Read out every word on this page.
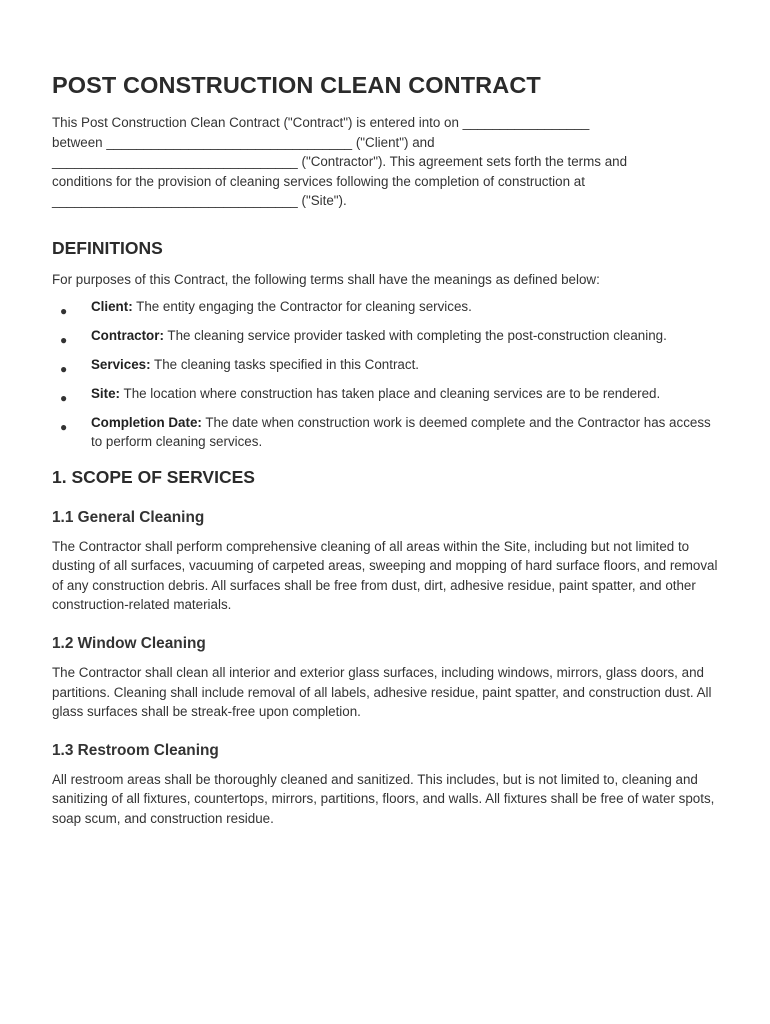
POST CONSTRUCTION CLEAN CONTRACT

This Post Construction Clean Contract ("Contract") is entered into on _________________
between _________________________________ ("Client") and
_________________________________ ("Contractor"). This agreement sets forth the terms and
conditions for the provision of cleaning services following the completion of construction at
_________________________________ ("Site").

DEFINITIONS

For purposes of this Contract, the following terms shall have the meanings as defined below:

● Client: The entity engaging the Contractor for cleaning services.
● Contractor: The cleaning service provider tasked with completing the post-construction cleaning.
● Services: The cleaning tasks specified in this Contract.
● Site: The location where construction has taken place and cleaning services are to be rendered.
● Completion Date: The date when construction work is deemed complete and the Contractor has access to perform cleaning services.
1. SCOPE OF SERVICES
1.1 General Cleaning

The Contractor shall perform comprehensive cleaning of all areas within the Site, including but not limited to dusting of all surfaces, vacuuming of carpeted areas, sweeping and mopping of hard surface floors, and removal of any construction debris. All surfaces shall be free from dust, dirt, adhesive residue, paint spatter, and other construction-related materials.

1.2 Window Cleaning

The Contractor shall clean all interior and exterior glass surfaces, including windows, mirrors, glass doors, and partitions. Cleaning shall include removal of all labels, adhesive residue, paint spatter, and construction dust. All glass surfaces shall be streak-free upon completion.

1.3 Restroom Cleaning

All restroom areas shall be thoroughly cleaned and sanitized. This includes, but is not limited to, cleaning and sanitizing of all fixtures, countertops, mirrors, partitions, floors, and walls. All fixtures shall be free of water spots, soap scum, and construction residue.
